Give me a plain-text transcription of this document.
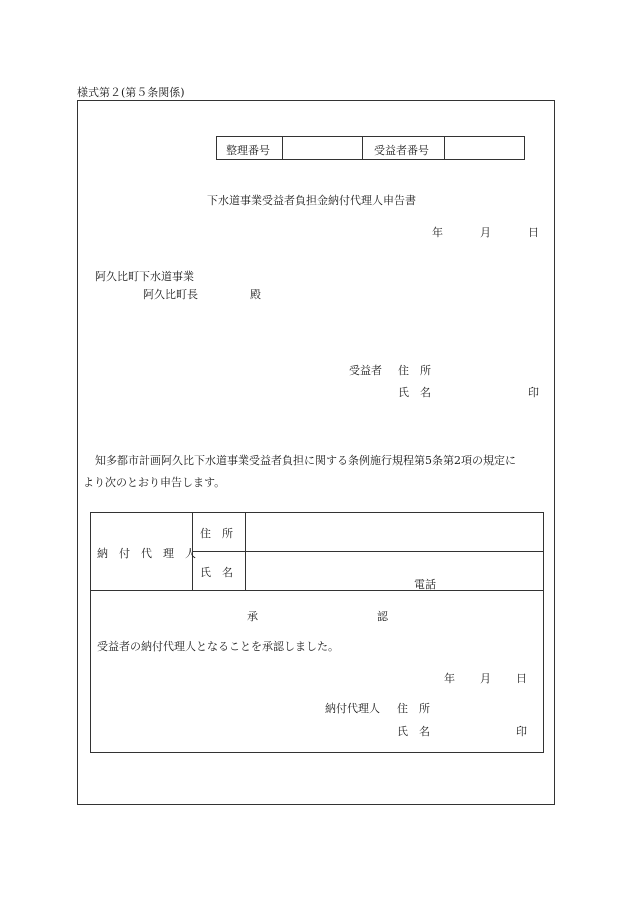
様式第２(第５条関係)
整理番号	受益者番号
下水道事業受益者負担金納付代理人申告書
年	月	日
阿久比町下水道事業
阿久比町長	殿
受益者 住　所
氏　名	印
知多都市計画阿久比下水道事業受益者負担に関する条例施行規程第5条第2項の規定に
より次のとおり申告します。
納　付　代　理　人
住　所
氏　名
電話
承	認
受益者の納付代理人となることを承認しました。
年 月 日
納付代理人 住　所
氏　名	印
